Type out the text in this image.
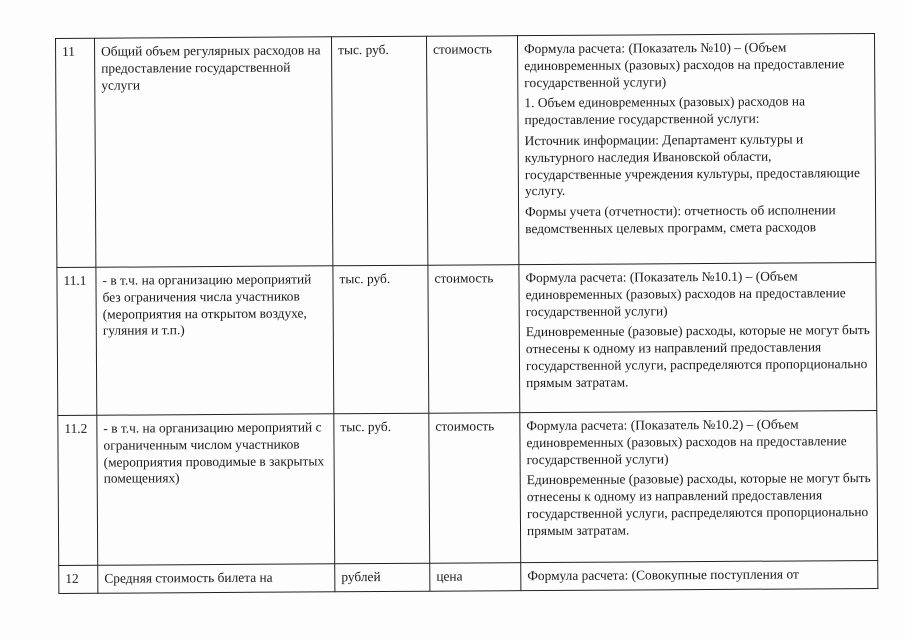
11	Общий объем регулярных расходов на предоставление государственной услуги	тыс. руб.	стоимость	Формула расчета: (Показатель №10) – (Объем единовременных (разовых) расходов на предоставление государственной услуги)
1. Объем единовременных (разовых) расходов на предоставление государственной услуги:
Источник информации: Департамент культуры и культурного наследия Ивановской области, государственные учреждения культуры, предоставляющие услугу.
Формы учета (отчетности): отчетность об исполнении ведомственных целевых программ, смета расходов

11.1	- в т.ч. на организацию мероприятий без ограничения числа участников (мероприятия на открытом воздухе, гуляния и т.п.)	тыс. руб.	стоимость	Формула расчета: (Показатель №10.1) – (Объем единовременных (разовых) расходов на предоставление государственной услуги)
Единовременные (разовые) расходы, которые не могут быть отнесены к одному из направлений предоставления государственной услуги, распределяются пропорционально прямым затратам.

11.2	- в т.ч. на организацию мероприятий с ограниченным числом участников (мероприятия проводимые в закрытых помещениях)	тыс. руб.	стоимость	Формула расчета: (Показатель №10.2) – (Объем единовременных (разовых) расходов на предоставление государственной услуги)
Единовременные (разовые) расходы, которые не могут быть отнесены к одному из направлений предоставления государственной услуги, распределяются пропорционально прямым затратам.

12	Средняя стоимость билета на	рублей	цена	Формула расчета: (Совокупные поступления от
